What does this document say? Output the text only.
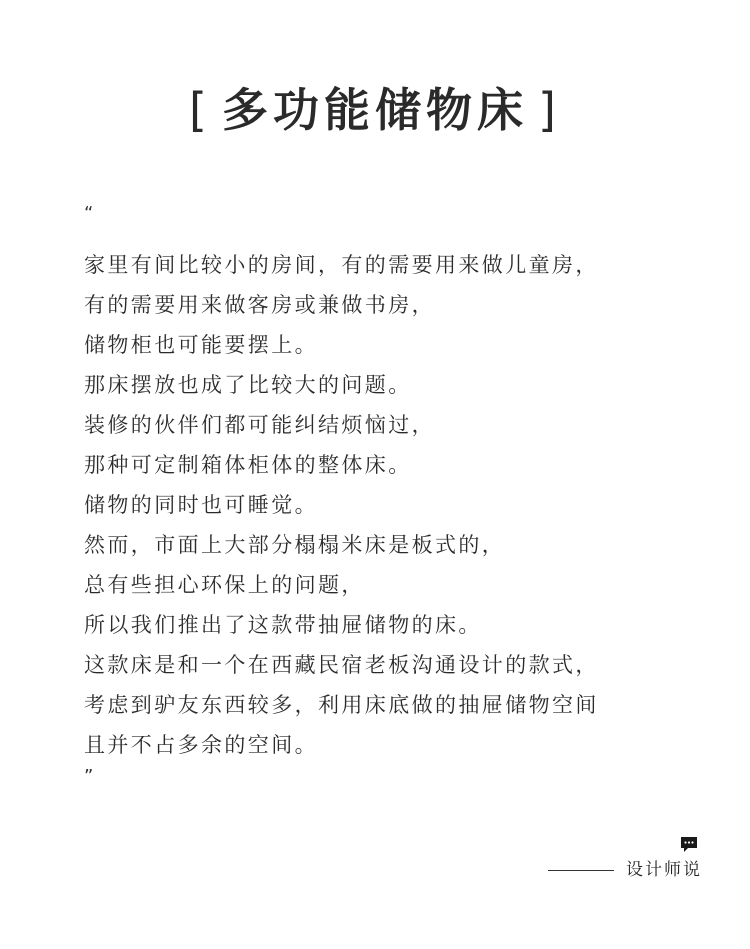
[ 多功能储物床 ]
“
家里有间比较小的房间，有的需要用来做儿童房，
有的需要用来做客房或兼做书房，
储物柜也可能要摆上。
那床摆放也成了比较大的问题。
装修的伙伴们都可能纠结烦恼过，
那种可定制箱体柜体的整体床。
储物的同时也可睡觉。
然而，市面上大部分榻榻米床是板式的，
总有些担心环保上的问题，
所以我们推出了这款带抽屉储物的床。
这款床是和一个在西藏民宿老板沟通设计的款式，
考虑到驴友东西较多，利用床底做的抽屉储物空间
且并不占多余的空间。
”
设计师说
